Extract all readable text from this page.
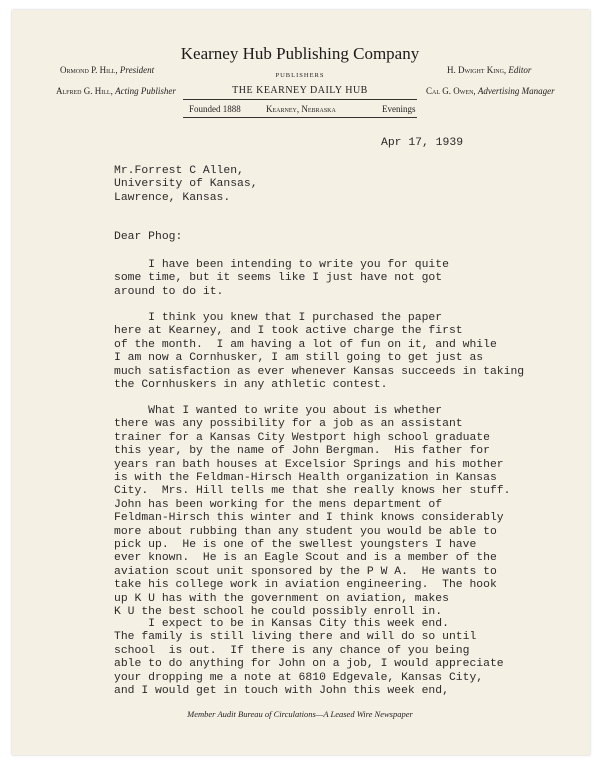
Kearney Hub Publishing Company
PUBLISHERS
THE KEARNEY DAILY HUB
Founded 1888	Kearney, Nebraska	Evenings
Ormond P. Hill, President
Alfred G. Hill, Acting Publisher
H. Dwight King, Editor
Cal G. Owen, Advertising Manager
Apr 17, 1939
Mr.Forrest C Allen,
University of Kansas,
Lawrence, Kansas.
Dear Phog:
I have been intending to write you for quite
some time, but it seems like I just have not got
around to do it.
I think you knew that I purchased the paper
here at Kearney, and I took active charge the first
of the month.  I am having a lot of fun on it, and while
I am now a Cornhusker, I am still going to get just as
much satisfaction as ever whenever Kansas succeeds in taking
the Cornhuskers in any athletic contest.
What I wanted to write you about is whether
there was any possibility for a job as an assistant
trainer for a Kansas City Westport high school graduate
this year, by the name of John Bergman.  His father for
years ran bath houses at Excelsior Springs and his mother
is with the Feldman-Hirsch Health organization in Kansas
City.  Mrs. Hill tells me that she really knows her stuff.
John has been working for the mens department of
Feldman-Hirsch this winter and I think knows considerably
more about rubbing than any student you would be able to
pick up.  He is one of the swellest youngsters I have
ever known.  He is an Eagle Scout and is a member of the
aviation scout unit sponsored by the P W A.  He wants to
take his college work in aviation engineering.  The hook
up K U has with the government on aviation, makes
K U the best school he could possibly enroll in.
I expect to be in Kansas City this week end.
The family is still living there and will do so until
school  is out.  If there is any chance of you being
able to do anything for John on a job, I would appreciate
your dropping me a note at 6810 Edgevale, Kansas City,
and I would get in touch with John this week end,
Member Audit Bureau of Circulations—A Leased Wire Newspaper
